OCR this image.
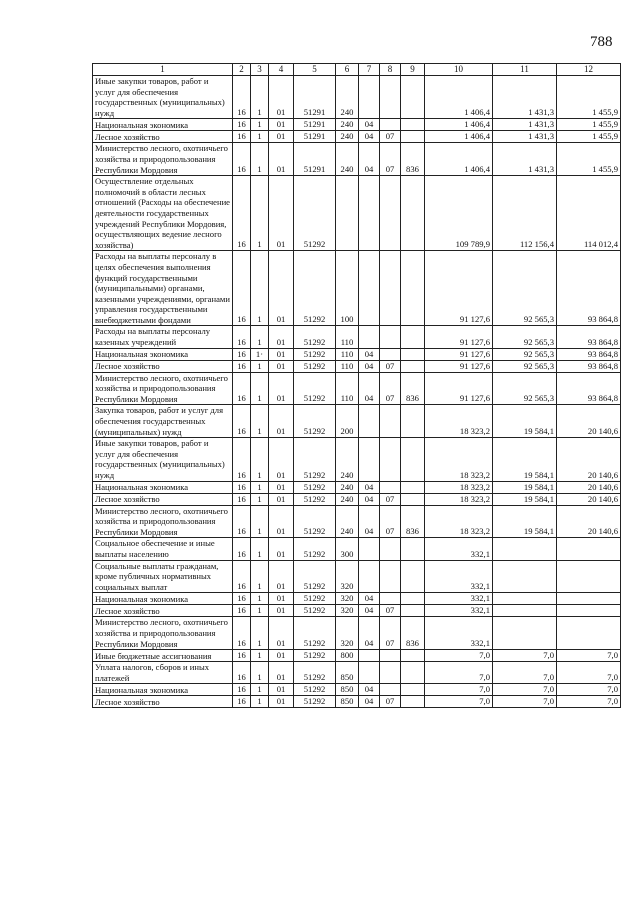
788
1	2	3	4	5	6	7	8	9	10	11	12
Иные закупки товаров, работ и услуг для обеспечения государственных (муниципальных) нужд	16	1	01	51291	240				1 406,4	1 431,3	1 455,9
Национальная экономика	16	1	01	51291	240	04			1 406,4	1 431,3	1 455,9
Лесное хозяйство	16	1	01	51291	240	04	07		1 406,4	1 431,3	1 455,9
Министерство лесного, охотничьего хозяйства и природопользования Республики Мордовия	16	1	01	51291	240	04	07	836	1 406,4	1 431,3	1 455,9
Осуществление отдельных полномочий в области лесных отношений (Расходы на обеспечение деятельности государственных учреждений Республики Мордовия, осуществляющих ведение лесного хозяйства)	16	1	01	51292					109 789,9	112 156,4	114 012,4
Расходы на выплаты персоналу в целях обеспечения выполнения функций государственными (муниципальными) органами, казенными учреждениями, органами управления государственными внебюджетными фондами	16	1	01	51292	100				91 127,6	92 565,3	93 864,8
Расходы на выплаты персоналу казенных учреждений	16	1	01	51292	110				91 127,6	92 565,3	93 864,8
Национальная экономика	16	1·	01	51292	110	04			91 127,6	92 565,3	93 864,8
Лесное хозяйство	16	1	01	51292	110	04	07		91 127,6	92 565,3	93 864,8
Министерство лесного, охотничьего хозяйства и природопользования Республики Мордовия	16	1	01	51292	110	04	07	836	91 127,6	92 565,3	93 864,8
Закупка товаров, работ и услуг для обеспечения государственных (муниципальных) нужд	16	1	01	51292	200				18 323,2	19 584,1	20 140,6
Иные закупки товаров, работ и услуг для обеспечения государственных (муниципальных) нужд	16	1	01	51292	240				18 323,2	19 584,1	20 140,6
Национальная экономика	16	1	01	51292	240	04			18 323,2	19 584,1	20 140,6
Лесное хозяйство	16	1	01	51292	240	04	07		18 323,2	19 584,1	20 140,6
Министерство лесного, охотничьего хозяйства и природопользования Республики Мордовия	16	1	01	51292	240	04	07	836	18 323,2	19 584,1	20 140,6
Социальное обеспечение и иные выплаты населению	16	1	01	51292	300				332,1		
Социальные выплаты гражданам, кроме публичных нормативных социальных выплат	16	1	01	51292	320				332,1		
Национальная экономика	16	1	01	51292	320	04			332,1		
Лесное хозяйство	16	1	01	51292	320	04	07		332,1		
Министерство лесного, охотничьего хозяйства и природопользования Республики Мордовия	16	1	01	51292	320	04	07	836	332,1		
Иные бюджетные ассигнования	16	1	01	51292	800				7,0	7,0	7,0
Уплата налогов, сборов и иных платежей	16	1	01	51292	850				7,0	7,0	7,0
Национальная экономика	16	1	01	51292	850	04			7,0	7,0	7,0
Лесное хозяйство	16	1	01	51292	850	04	07		7,0	7,0	7,0
